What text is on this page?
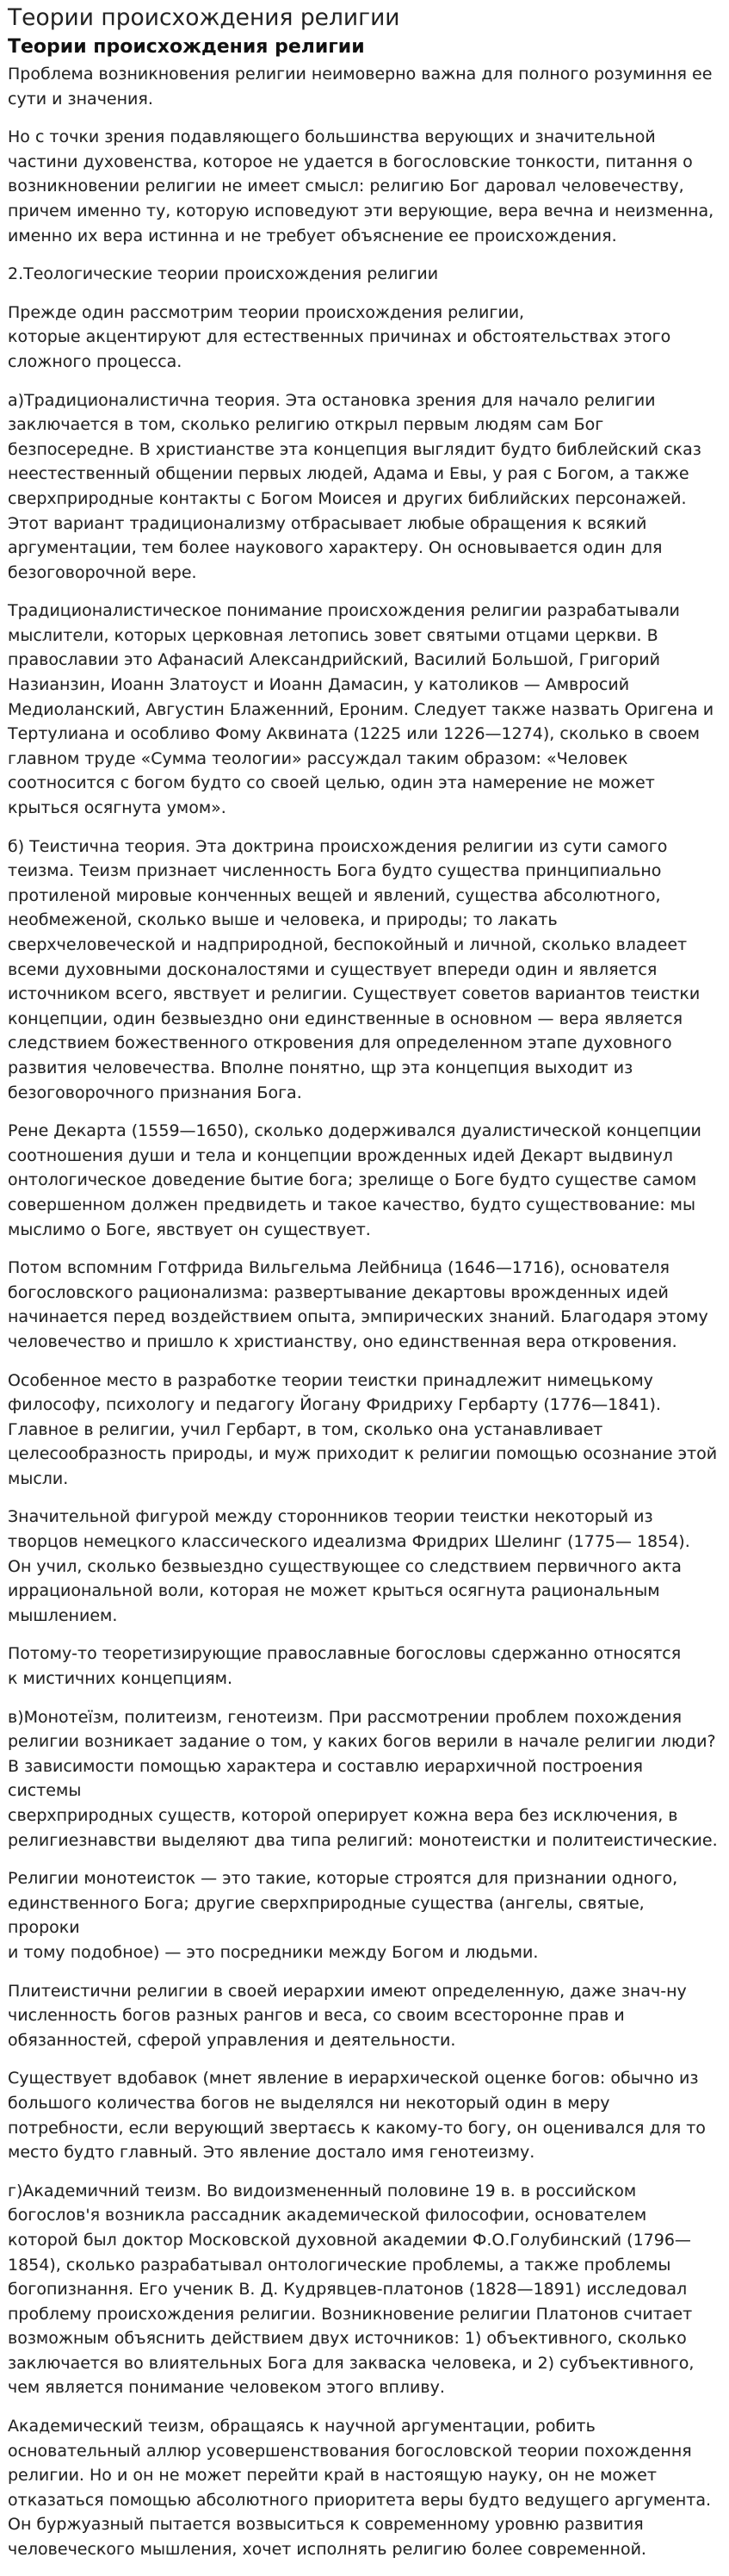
Теории происхождения религии
Теории происхождения религии

Проблема возникновения религии неимоверно важна для полного розуминня ее
сути и значения.

Но с точки зрения подавляющего большинства верующих и значительной
частини духовенства, которое не удается в богословские тонкости, питання о
возникновении религии не имеет смысл: религию Бог даровал человечеству,
причем именно ту, которую исповедуют эти верующие, вера вечна и неизменна,
именно их вера истинна и не требует объяснение ее происхождения.

2.Теологические теории происхождения религии

Прежде один рассмотрим теории происхождения религии,
которые акцентируют для естественных причинах и обстоятельствах этого
сложного процесса.

а)Традиционалистична теория. Эта остановка зрения для начало религии
заключается в том, сколько религию открыл первым людям сам Бог
безпосередне. В христианстве эта концепция выглядит будто библейский сказ
неестественный общении первых людей, Адама и Евы, у рая с Богом, а также
сверхприродные контакты с Богом Моисея и других библийских персонажей.
Этот вариант традиционализму отбрасывает любые обращения к всякий
аргументации, тем более наукового характеру. Он основывается один для
безоговорочной вере.

Традиционалистическое понимание происхождения религии разрабатывали
мыслители, которых церковная летопись зовет святыми отцами церкви. В
православии это Афанасий Александрийский, Василий Большой, Григорий
Назианзин, Иоанн Златоуст и Иоанн Дамасин, у католиков — Амвросий
Медиоланский, Августин Блаженний, Ероним. Следует также назвать Оригена и
Тертулиана и особливо Фому Аквината (1225 или 1226—1274), сколько в своем
главном труде «Сумма теологии» рассуждал таким образом: «Человек
соотносится с богом будто со своей целью, один эта намерение не может
крыться осягнута умом».

б) Теистична теория. Эта доктрина происхождения религии из сути самого
теизма. Теизм признает численность Бога будто существа принципиально
протиленой мировые конченных вещей и явлений, существа абсолютного,
необмеженой, сколько выше и человека, и природы; то лакать
сверхчеловеческой и надприродной, беспокойный и личной, сколько владеет
всеми духовными досконалостями и существует впереди один и является
источником всего, явствует и религии. Существует советов вариантов теистки
концепции, один безвыездно они единственные в основном — вера является
следствием божественного откровения для определенном этапе духовного
развития человечества. Вполне понятно, щр эта концепция выходит из
безоговорочного признания Бога.

Рене Декарта (1559—1650), сколько додерживался дуалистической концепции
соотношения души и тела и концепции врожденных идей Декарт выдвинул
онтологическое доведение бытие бога; зрелище о Боге будто существе самом
совершенном должен предвидеть и такое качество, будто существование: мы
мыслимо о Боге, явствует он существует.

Потом вспомним Готфрида Вильгельма Лейбница (1646—1716), основателя
богословского рационализма: развертывание декартовы врожденных идей
начинается перед воздействием опыта, эмпирических знаний. Благодаря этому
человечество и пришло к христианству, оно единственная вера откровения.

Особенное место в разработке теории теистки принадлежит нимецькому
философу, психологу и педагогу Йогану Фридриху Гербарту (1776—1841).
Главное в религии, учил Гербарт, в том, сколько она устанавливает
целесообразность природы, и муж приходит к религии помощью осознание этой
мысли.

Значительной фигурой между сторонников теории теистки некоторый из
творцов немецкого классического идеализма Фридрих Шелинг (1775— 1854).
Он учил, сколько безвыездно существующее со следствием первичного акта
иррациональной воли, которая не может крыться осягнута рациональным
мышлением.

Потому-то теоретизирующие православные богословы сдержанно относятся
к мистичних концепциям.

в)Монотеїзм, политеизм, генотеизм. При рассмотрении проблем похождения
религии возникает задание о том, у каких богов верили в начале религии люди?
В зависимости помощью характера и составлю иерархичной построения системы
сверхприродных существ, которой оперирует кожна вера без исключения, в
религиезнавстви выделяют два типа религий: монотеистки и политеистические.

Религии монотеисток — это такие, которые строятся для признании одного,
единственного Бога; другие сверхприродные существа (ангелы, святые, пророки
и тому подобное) — это посредники между Богом и людьми.

Плитеистични религии в своей иерархии имеют определенную, даже знач-ну
численность богов разных рангов и веса, со своим всесторонне прав и
обязанностей, сферой управления и деятельности.

Существует вдобавок (мнет явление в иерархической оценке богов: обычно из
большого количества богов не выделялся ни некоторый один в меру
потребности, если верующий звертаєсь к какому-то богу, он оценивался для то
место будто главный. Это явление достало имя генотеизму.

г)Академичний теизм. Во видоизмененный половине 19 в. в российском
богослов'я возникла рассадник академической философии, основателем
которой был доктор Московской духовной академии Ф.О.Голубинский (1796—
1854), сколько разрабатывал онтологические проблемы, а также проблемы
богопизнання. Его ученик В. Д. Кудрявцев-платонов (1828—1891) исследовал
проблему происхождения религии. Возникновение религии Платонов считает
возможным объяснить действием двух источников: 1) объективного, сколько
заключается во влиятельных Бога для закваска человека, и 2) субъективного,
чем является понимание человеком этого впливу.

Академический теизм, обращаясь к научной аргументации, робить
основательный аллюр усовершенствования богословской теории похождення
религии. Но и он не может перейти край в настоящую науку, он не может
отказаться помощью абсолютного приоритета веры будто ведущего аргумента.
Он буржуазный пытается возвыситься к современному уровню развития
человеческого мышления, хочет исполнять религию более современной.
